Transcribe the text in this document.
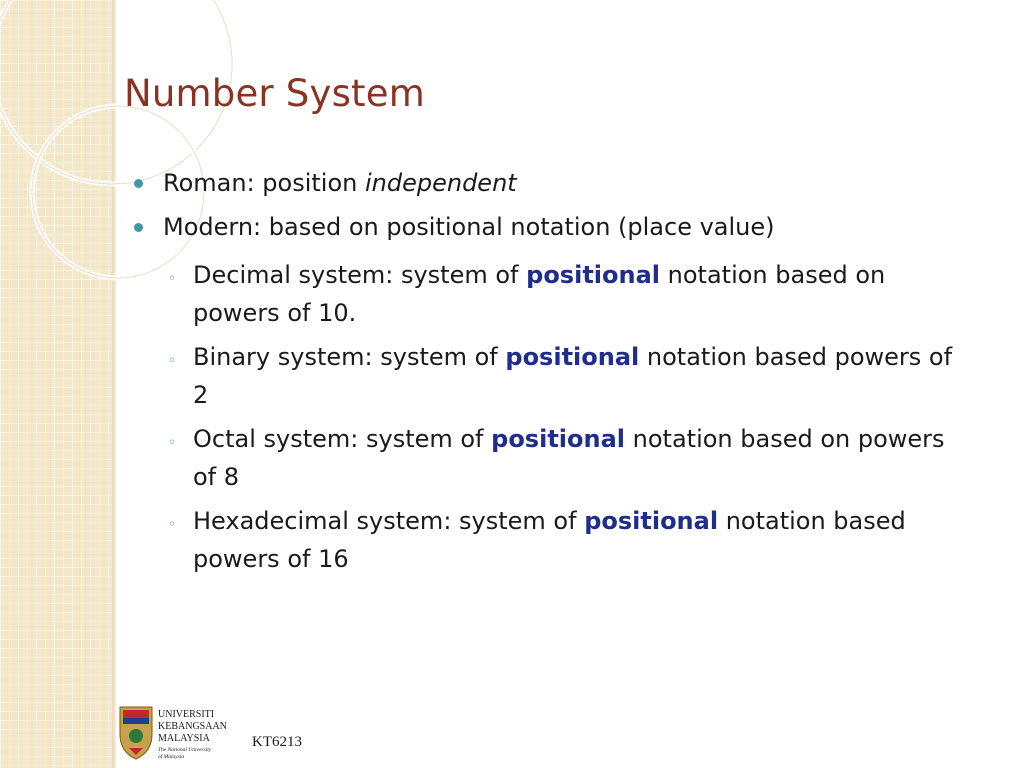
Number System
Roman: position independent
Modern: based on positional notation (place value)
◦ Decimal system: system of positional notation based on powers of 10.
◦ Binary system: system of positional notation based powers of 2
◦ Octal system: system of positional notation based on powers of 8
◦ Hexadecimal system: system of positional notation based powers of 16
UNIVERSITI
KEBANGSAAN
MALAYSIA
The National University
of Malaysia
KT6213
